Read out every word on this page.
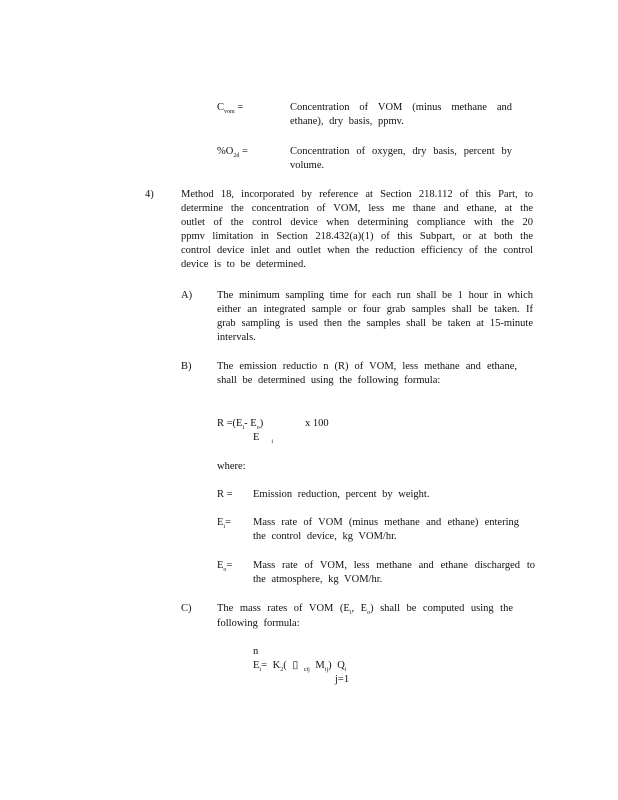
$C_{vom}$ =	Concentration of VOM (minus methane and ethane), dry basis, ppmv.
$\%O_{2d}$ =	Concentration of oxygen, dry basis, percent by volume.
4)	Method 18, incorporated by reference at Section 218.112 of this Part, to determine the concentration of VOM, less me thane and ethane, at the outlet of the control device when determining compliance with the 20 ppmv limitation in Section 218.432(a)(1) of this Subpart, or at both the control device inlet and outlet when the reduction efficiency of the control device is to be determined.
A) The minimum sampling time for each run shall be 1 hour in which either an integrated sample or four grab samples shall be taken. If grab sampling is used then the samples shall be taken at 15-minute intervals.
B) The emission reductio n (R) of VOM, less methane and ethane, shall be determined using the following formula:
$R =(E_i-$ $E_o$)	x 100
E $_i$
where:
R = Emission reduction, percent by weight.
$E_i=$ Mass rate of VOM (minus methane and ethane) entering the control device, kg VOM/hr.
$E_o=$ Mass rate of VOM, less methane and ethane discharged to the atmosphere, kg VOM/hr.
C) The mass rates of VOM ($E_i$, $E_o$) shall be computed using the following formula:
n
$E_i= K_2$( ▯ $_{cij}$ $M_{ij}$) $Q_i$
j=1
